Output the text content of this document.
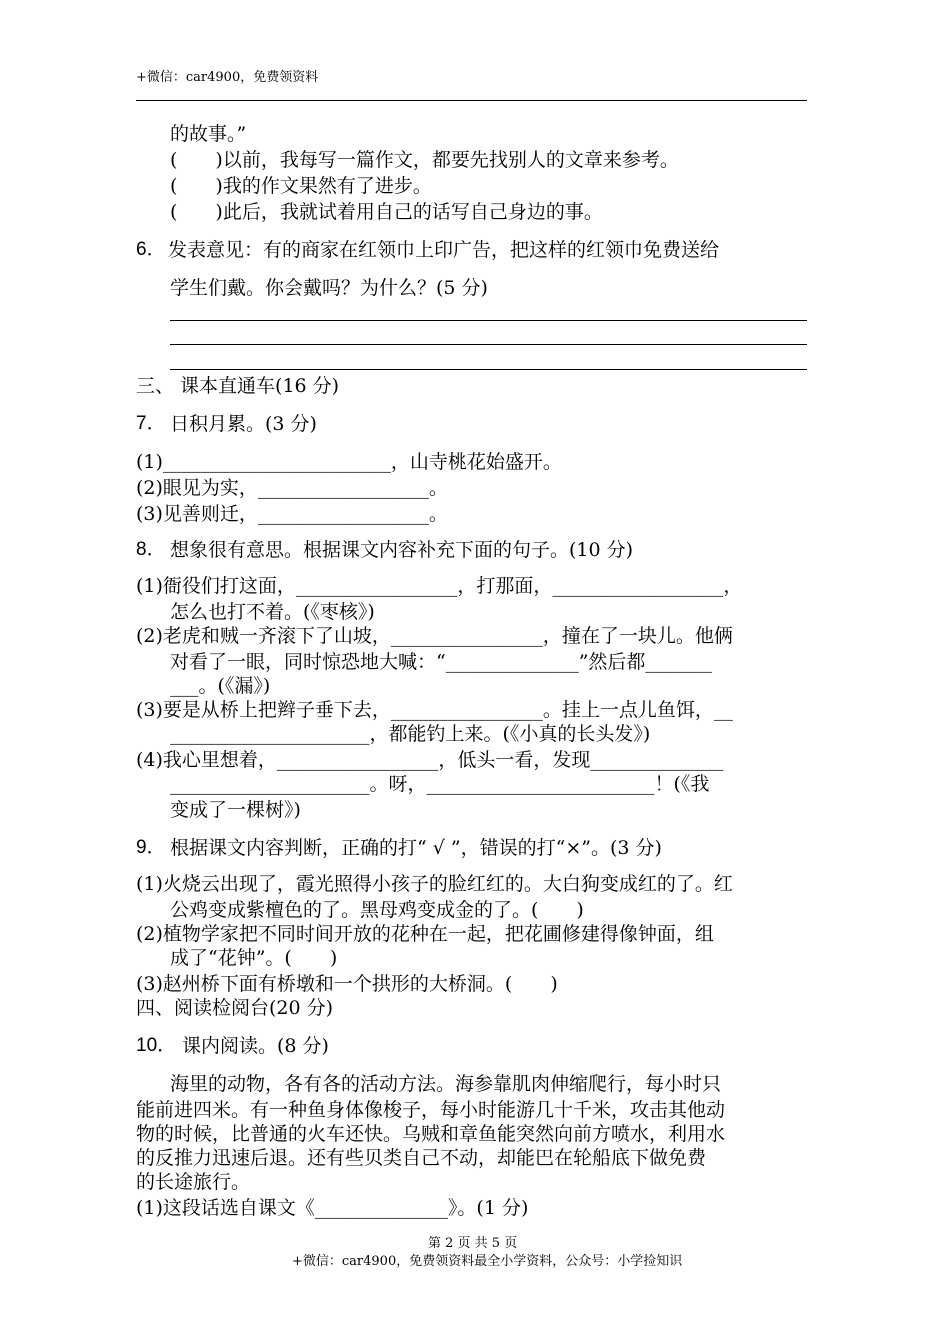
+微信：car4900，免费领资料
的故事。”
(　　)以前，我每写一篇作文，都要先找别人的文章来参考。
(　　)我的作文果然有了进步。
(　　)此后，我就试着用自己的话写自己身边的事。
6． 发表意见：有的商家在红领巾上印广告，把这样的红领巾免费送给
学生们戴。你会戴吗？为什么？(5 分)
三、 课本直通车(16 分)
7． 日积月累。(3 分)
(1)________________________，山寺桃花始盛开。
(2)眼见为实，__________________。
(3)见善则迁，__________________。
8． 想象很有意思。根据课文内容补充下面的句子。(10 分)
(1)衙役们打这面，_________________，打那面，__________________，
怎么也打不着。(《枣核》)
(2)老虎和贼一齐滚下了山坡，________________，撞在了一块儿。他俩
对看了一眼，同时惊恐地大喊：“______________”然后都_______
___。(《漏》)
(3)要是从桥上把辫子垂下去，________________。挂上一点儿鱼饵，__
_____________________，都能钓上来。(《小真的长头发》)
(4)我心里想着，_________________，低头一看，发现______________
_____________________。呀，________________________！(《我
变成了一棵树》)
9． 根据课文内容判断，正确的打“ √ ”，错误的打“×”。(3 分)
(1)火烧云出现了，霞光照得小孩子的脸红红的。大白狗变成红的了。红
公鸡变成紫檀色的了。黑母鸡变成金的了。(　　)
(2)植物学家把不同时间开放的花种在一起，把花圃修建得像钟面，组
成了“花钟”。(　　)
(3)赵州桥下面有桥墩和一个拱形的大桥洞。(　　)
四、阅读检阅台(20 分)
10． 课内阅读。(8 分)
海里的动物，各有各的活动方法。海参靠肌肉伸缩爬行，每小时只
能前进四米。有一种鱼身体像梭子，每小时能游几十千米，攻击其他动
物的时候，比普通的火车还快。乌贼和章鱼能突然向前方喷水，利用水
的反推力迅速后退。还有些贝类自己不动，却能巴在轮船底下做免费
的长途旅行。
(1)这段话选自课文《______________》。(1 分)
第 2 页 共 5 页
+微信：car4900，免费领资料最全小学资料，公众号：小学捡知识
